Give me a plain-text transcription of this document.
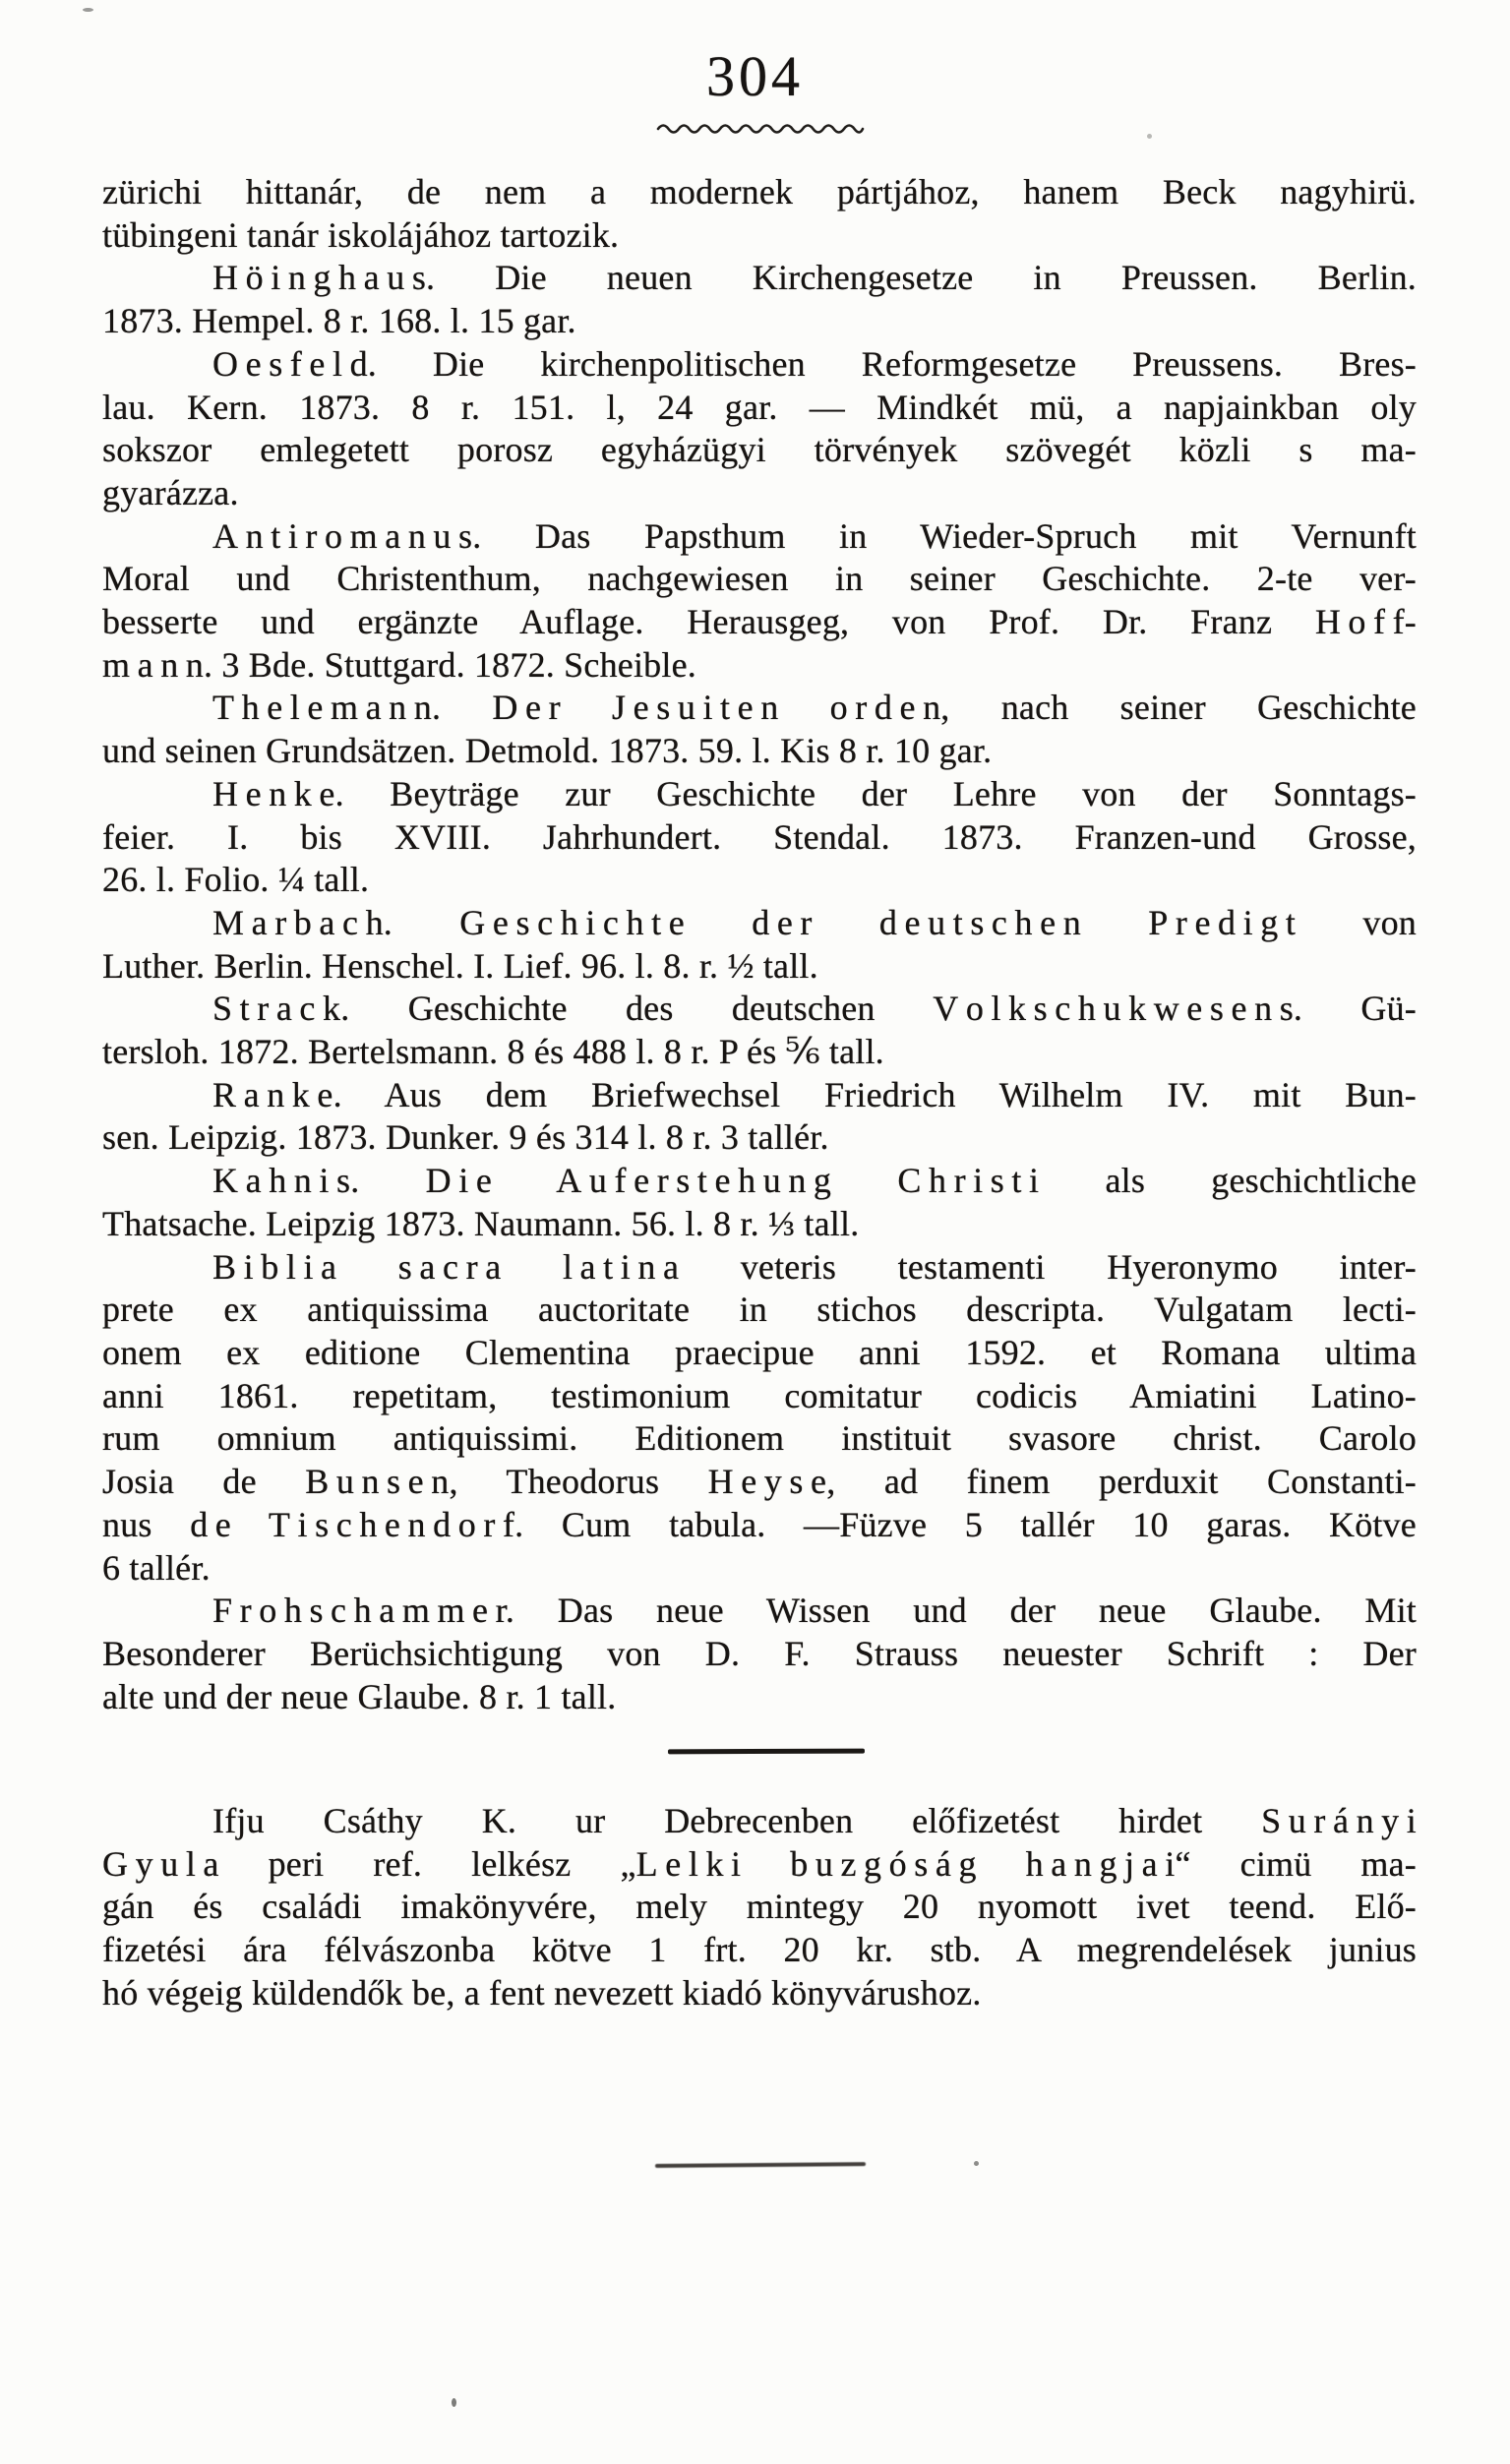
304
zürichi hittanár, de nem a modernek pártjához, hanem Beck nagyhirü.
tübingeni tanár iskolájához tartozik.
H ö i n g h a u s. Die neuen Kirchengesetze in Preussen. Berlin.
1873. Hempel. 8 r. 168. l. 15 gar.
O e s f e l d. Die kirchenpolitischen Reformgesetze Preussens. Bres-
lau. Kern. 1873. 8 r. 151. l, 24 gar. — Mindkét mü, a napjainkban oly
sokszor emlegetett porosz egyházügyi törvények szövegét közli s ma-
gyarázza.
A n t i r o m a n u s. Das Papsthum in Wieder-Spruch mit Vernunft
Moral und Christenthum, nachgewiesen in seiner Geschichte. 2-te ver-
besserte und ergänzte Auflage. Herausgeg, von Prof. Dr. Franz H o f f-
m a n n. 3 Bde. Stuttgard. 1872. Scheible.
T h e l e m a n n. D e r J e s u i t e n o r d e n, nach seiner Geschichte
und seinen Grundsätzen. Detmold. 1873. 59. l. Kis 8 r. 10 gar.
H e n k e. Beyträge zur Geschichte der Lehre von der Sonntags-
feier. I. bis XVIII. Jahrhundert. Stendal. 1873. Franzen-und Grosse,
26. l. Folio. ¼ tall.
M a r b a c h. G e s c h i c h t e d e r d e u t s c h e n P r e d i g t von
Luther. Berlin. Henschel. I. Lief. 96. l. 8. r. ½ tall.
S t r a c k. Geschichte des deutschen V o l k s c h u k w e s e n s. Gü-
tersloh. 1872. Bertelsmann. 8 és 488 l. 8 r. P és ⅚ tall.
R a n k e. Aus dem Briefwechsel Friedrich Wilhelm IV. mit Bun-
sen. Leipzig. 1873. Dunker. 9 és 314 l. 8 r. 3 tallér.
K a h n i s. D i e A u f e r s t e h u n g C h r i s t i als geschichtliche
Thatsache. Leipzig 1873. Naumann. 56. l. 8 r. ⅓ tall.
B i b l i a s a c r a l a t i n a veteris testamenti Hyeronymo inter-
prete ex antiquissima auctoritate in stichos descripta. Vulgatam lecti-
onem ex editione Clementina praecipue anni 1592. et Romana ultima
anni 1861. repetitam, testimonium comitatur codicis Amiatini Latino-
rum omnium antiquissimi. Editionem instituit svasore christ. Carolo
Josia de B u n s e n, Theodorus H e y s e, ad finem perduxit Constanti-
nus d e T i s c h e n d o r f. Cum tabula. —Füzve 5 tallér 10 garas. Kötve
6 tallér.
F r o h s c h a m m e r. Das neue Wissen und der neue Glaube. Mit
Besonderer Berüchsichtigung von D. F. Strauss neuester Schrift : Der
alte und der neue Glaube. 8 r. 1 tall.
Ifju Csáthy K. ur Debrecenben előfizetést hirdet S u r á n y i
G y u l a peri ref. lelkész „L e l k i b u z g ó s á g h a n g j a i“ cimü ma-
gán és családi imakönyvére, mely mintegy 20 nyomott ivet teend. Elő-
fizetési ára félvászonba kötve 1 frt. 20 kr. stb. A megrendelések junius
hó végeig küldendők be, a fent nevezett kiadó könyvárushoz.
